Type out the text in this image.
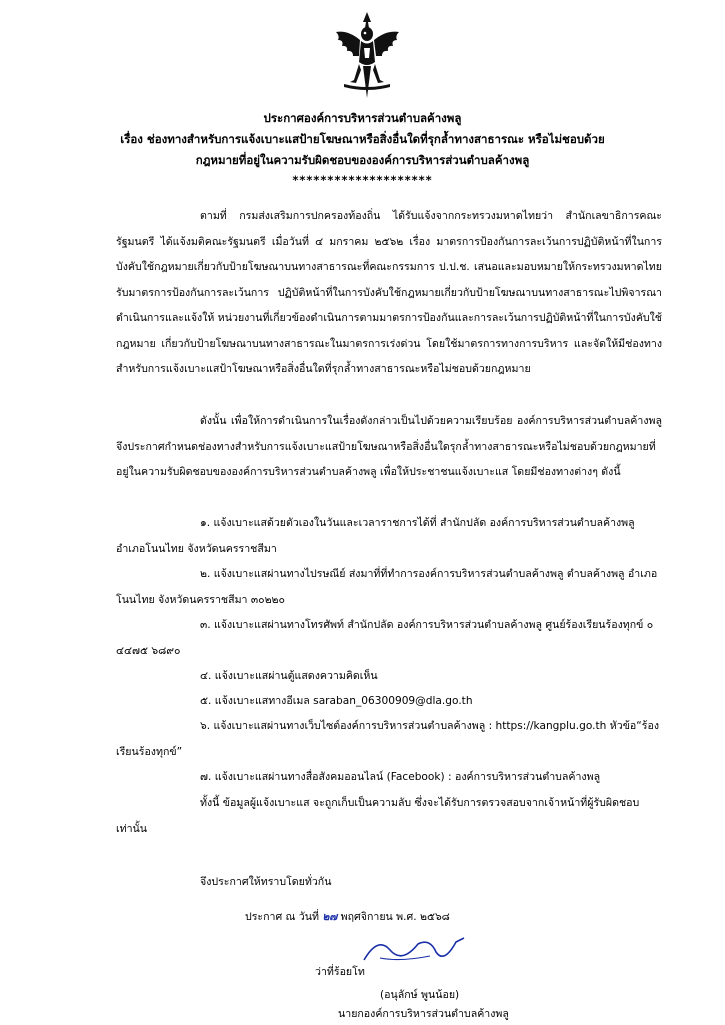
ประกาศองค์การบริหารส่วนตำบลค้างพลู
เรื่อง ช่องทางสำหรับการแจ้งเบาะแสป้ายโฆษณาหรือสิ่งอื่นใดที่รุกล้ำทางสาธารณะ หรือไม่ชอบด้วย
กฎหมายที่อยู่ในความรับผิดชอบขององค์การบริหารส่วนตำบลค้างพลู
********************
ตามที่ กรมส่งเสริมการปกครองท้องถิ่น ได้รับแจ้งจากกระทรวงมหาดไทยว่า สำนักเลขาธิการคณะรัฐมนตรี ได้แจ้งมติคณะรัฐมนตรี เมื่อวันที่ ๔ มกราคม ๒๕๖๒ เรื่อง มาตรการป้องกันการละเว้นการปฏิบัติหน้าที่ในการบังคับใช้กฎหมายเกี่ยวกับป้ายโฆษณาบนทางสาธารณะที่คณะกรรมการ ป.ป.ช. เสนอและมอบหมายให้กระทรวงมหาดไทยรับมาตรการป้องกันการละเว้นการ ปฏิบัติหน้าที่ในการบังคับใช้กฎหมายเกี่ยวกับป้ายโฆษณาบนทางสาธารณะไปพิจารณาดำเนินการและแจ้งให้ หน่วยงานที่เกี่ยวข้องดำเนินการตามมาตรการป้องกันและการละเว้นการปฏิบัติหน้าที่ในการบังคับใช้กฎหมาย เกี่ยวกับป้ายโฆษณาบนทางสาธารณะในมาตรการเร่งด่วน โดยใช้มาตรการทางการบริหาร และจัดให้มีช่องทาง สำหรับการแจ้งเบาะแสป้าโฆษณาหรือสิ่งอื่นใดที่รุกล้ำทางสาธารณะหรือไม่ชอบด้วยกฎหมาย
ดังนั้น เพื่อให้การดำเนินการในเรื่องดังกล่าวเป็นไปด้วยความเรียบร้อย องค์การบริหารส่วนตำบลค้างพลู จึงประกาศกำหนดช่องทางสำหรับการแจ้งเบาะแสป้ายโฆษณาหรือสิ่งอื่นใดรุกล้ำทางสาธารณะหรือไม่ชอบด้วยกฎหมายที่อยู่ในความรับผิดชอบขององค์การบริหารส่วนตำบลค้างพลู เพื่อให้ประชาชนแจ้งเบาะแส โดยมีช่องทางต่างๆ ดังนี้
๑. แจ้งเบาะแสด้วยตัวเองในวันและเวลาราชการได้ที่ สำนักปลัด องค์การบริหารส่วนตำบลค้างพลู อำเภอโนนไทย จังหวัดนครราชสีมา
๒. แจ้งเบาะแสผ่านทางไปรษณีย์ ส่งมาที่ที่ทำการองค์การบริหารส่วนตำบลค้างพลู ตำบลค้างพลู อำเภอโนนไทย จังหวัดนครราชสีมา ๓๐๒๒๐
๓. แจ้งเบาะแสผ่านทางโทรศัพท์ สำนักปลัด องค์การบริหารส่วนตำบลค้างพลู ศูนย์ร้องเรียนร้องทุกข์ ๐ ๔๔๗๕ ๖๘๙๐
๔. แจ้งเบาะแสผ่านตู้แสดงความคิดเห็น
๕. แจ้งเบาะแสทางอีเมล saraban_06300909@dla.go.th
๖. แจ้งเบาะแสผ่านทางเว็บไซต์องค์การบริหารส่วนตำบลค้างพลู : https://kangplu.go.th หัวข้อ“ร้องเรียนร้องทุกข์”
๗. แจ้งเบาะแสผ่านทางสื่อสังคมออนไลน์ (Facebook) : องค์การบริหารส่วนตำบลค้างพลู
ทั้งนี้ ข้อมูลผู้แจ้งเบาะแส จะถูกเก็บเป็นความลับ ซึ่งจะได้รับการตรวจสอบจากเจ้าหน้าที่ผู้รับผิดชอบเท่านั้น
จึงประกาศให้ทราบโดยทั่วกัน
ประกาศ ณ วันที่ ๒๗ พฤศจิกายน พ.ศ. ๒๕๖๘
ว่าที่ร้อยโท
(อนุลักษ์ พูนน้อย)
นายกองค์การบริหารส่วนตำบลค้างพลู
